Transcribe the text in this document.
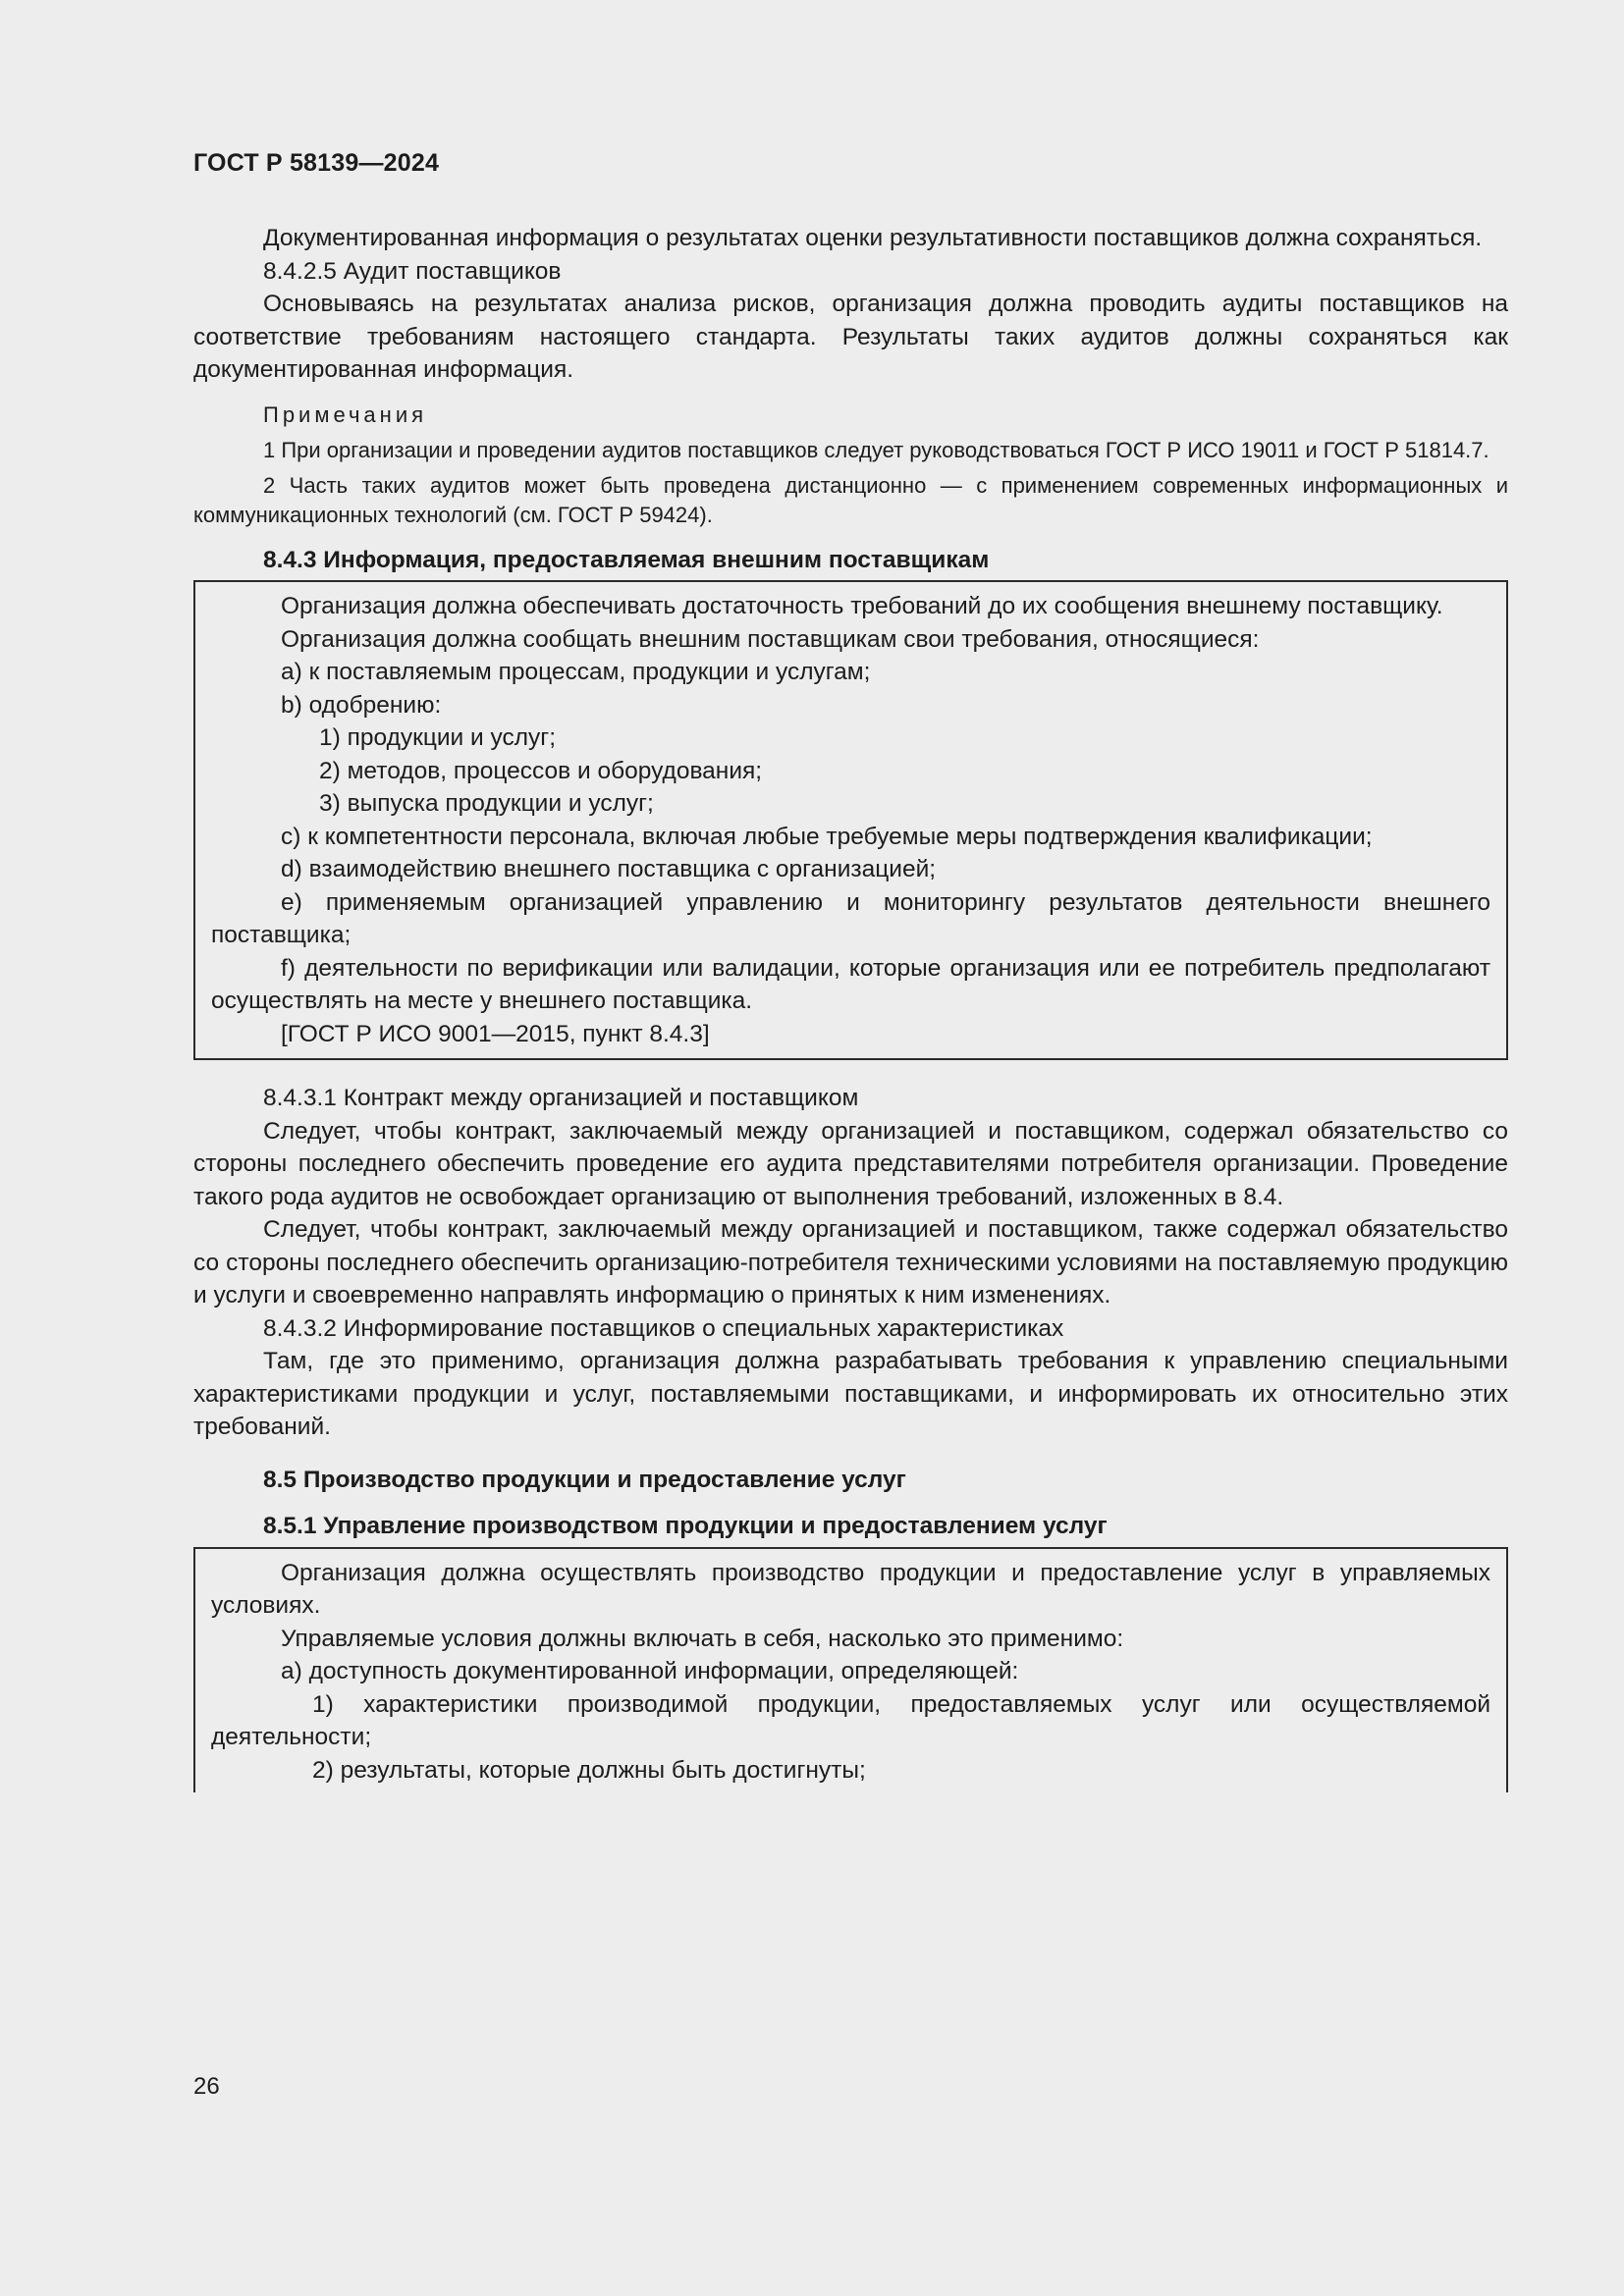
ГОСТ Р 58139—2024

Документированная информация о результатах оценки результативности поставщиков должна сохраняться.

8.4.2.5 Аудит поставщиков

Основываясь на результатах анализа рисков, организация должна проводить аудиты поставщиков на соответствие требованиям настоящего стандарта. Результаты таких аудитов должны сохраняться как документированная информация.

Примечания

1 При организации и проведении аудитов поставщиков следует руководствоваться ГОСТ Р ИСО 19011 и ГОСТ Р 51814.7.

2 Часть таких аудитов может быть проведена дистанционно — с применением современных информационных и коммуникационных технологий (см. ГОСТ Р 59424).

8.4.3 Информация, предоставляемая внешним поставщикам

Организация должна обеспечивать достаточность требований до их сообщения внешнему поставщику.

Организация должна сообщать внешним поставщикам свои требования, относящиеся:

a) к поставляемым процессам, продукции и услугам;

b) одобрению:

1) продукции и услуг;

2) методов, процессов и оборудования;

3) выпуска продукции и услуг;

c) к компетентности персонала, включая любые требуемые меры подтверждения квалификации;

d) взаимодействию внешнего поставщика с организацией;

e) применяемым организацией управлению и мониторингу результатов деятельности внешнего поставщика;

f) деятельности по верификации или валидации, которые организация или ее потребитель предполагают осуществлять на месте у внешнего поставщика.

[ГОСТ Р ИСО 9001—2015, пункт 8.4.3]

8.4.3.1 Контракт между организацией и поставщиком

Следует, чтобы контракт, заключаемый между организацией и поставщиком, содержал обязательство со стороны последнего обеспечить проведение его аудита представителями потребителя организации. Проведение такого рода аудитов не освобождает организацию от выполнения требований, изложенных в 8.4.

Следует, чтобы контракт, заключаемый между организацией и поставщиком, также содержал обязательство со стороны последнего обеспечить организацию-потребителя техническими условиями на поставляемую продукцию и услуги и своевременно направлять информацию о принятых к ним изменениях.

8.4.3.2 Информирование поставщиков о специальных характеристиках

Там, где это применимо, организация должна разрабатывать требования к управлению специальными характеристиками продукции и услуг, поставляемыми поставщиками, и информировать их относительно этих требований.

8.5 Производство продукции и предоставление услуг

8.5.1 Управление производством продукции и предоставлением услуг

Организация должна осуществлять производство продукции и предоставление услуг в управляемых условиях.

Управляемые условия должны включать в себя, насколько это применимо:

a) доступность документированной информации, определяющей:

1) характеристики производимой продукции, предоставляемых услуг или осуществляемой деятельности;

2) результаты, которые должны быть достигнуты;

26
